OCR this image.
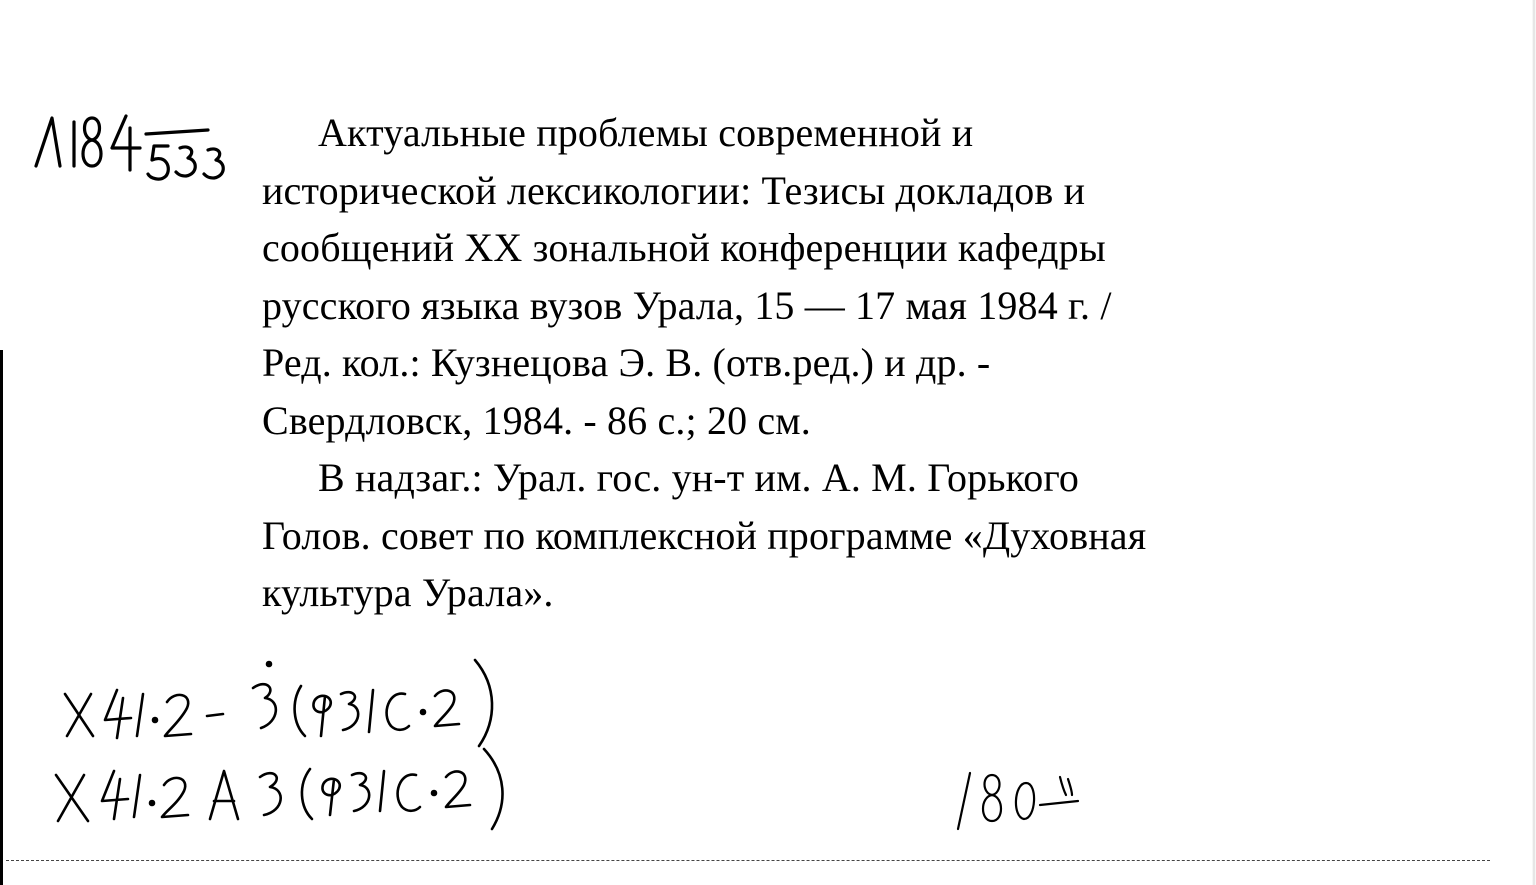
Актуальные проблемы современной и
исторической лексикологии: Тезисы докладов и
сообщений XX зональной конференции кафедры
русского языка вузов Урала, 15 — 17 мая 1984 г. /
Ред. кол.: Кузнецова Э. В. (отв.ред.) и др. -
Свердловск, 1984. - 86 с.; 20 см.
В надзаг.: Урал. гос. ун-т им. А. М. Горького
Голов. совет по комплексной программе «Духовная
культура Урала».
